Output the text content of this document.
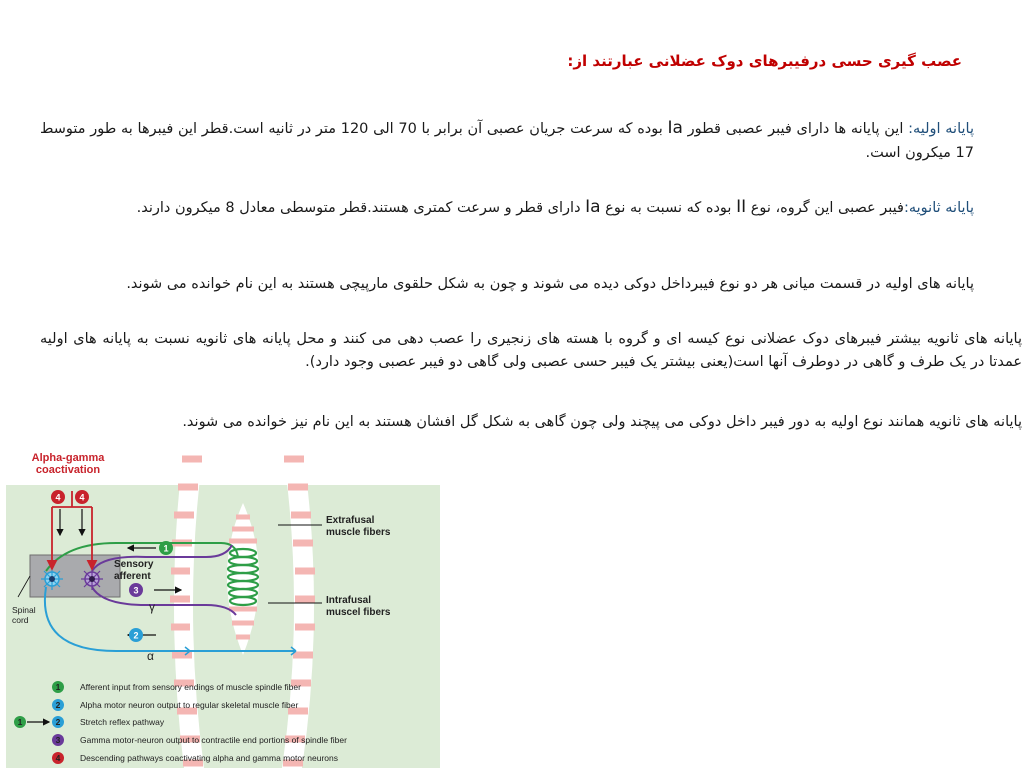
عصب گیری حسی درفیبرهای دوک عضلانی عبارتند از:
پایانه اولیه: این پایانه ها دارای فیبر عصبی قطور Ia بوده که سرعت جریان عصبی آن برابر با 70 الی 120 متر در ثانیه است.قطر این فیبرها به طور متوسط 17 میکرون است.
پایانه ثانویه:فیبر عصبی این گروه، نوع II بوده که نسبت به نوع Ia دارای قطر و سرعت کمتری هستند.قطر متوسطی معادل 8 میکرون دارند.
پایانه های اولیه در قسمت میانی هر دو نوع فیبرداخل دوکی دیده می شوند و چون به شکل حلقوی مارپیچی هستند به این نام خوانده می شوند.
پایانه های ثانویه بیشتر فیبرهای دوک عضلانی نوع کیسه ای و گروه با هسته های زنجیری را عصب دهی می کنند و محل پایانه های ثانویه نسبت به پایانه های اولیه عمدتا در یک طرف و گاهی در دوطرف آنها است(یعنی بیشتر یک فیبر حسی عصبی ولی گاهی دو فیبر عصبی وجود دارد).
پایانه های ثانویه همانند نوع اولیه به دور فیبر داخل دوکی می پیچند ولی چون گاهی به شکل گل افشان هستند به این نام نیز خوانده می شوند.
4 4
1
3
2
Alpha-gamma
coactivation
Spinal
cord
Sensory
afferent
γ
α
Extrafusal
muscle fibers
Intrafusal
muscel fibers
1 Afferent input from sensory endings of muscle spindle fiber
2 Alpha motor neuron output to regular skeletal muscle fiber
1	2 Stretch reflex pathway
3 Gamma motor-neuron output to contractile end portions of spindle fiber
4 Descending pathways coactivating alpha and gamma motor neurons
